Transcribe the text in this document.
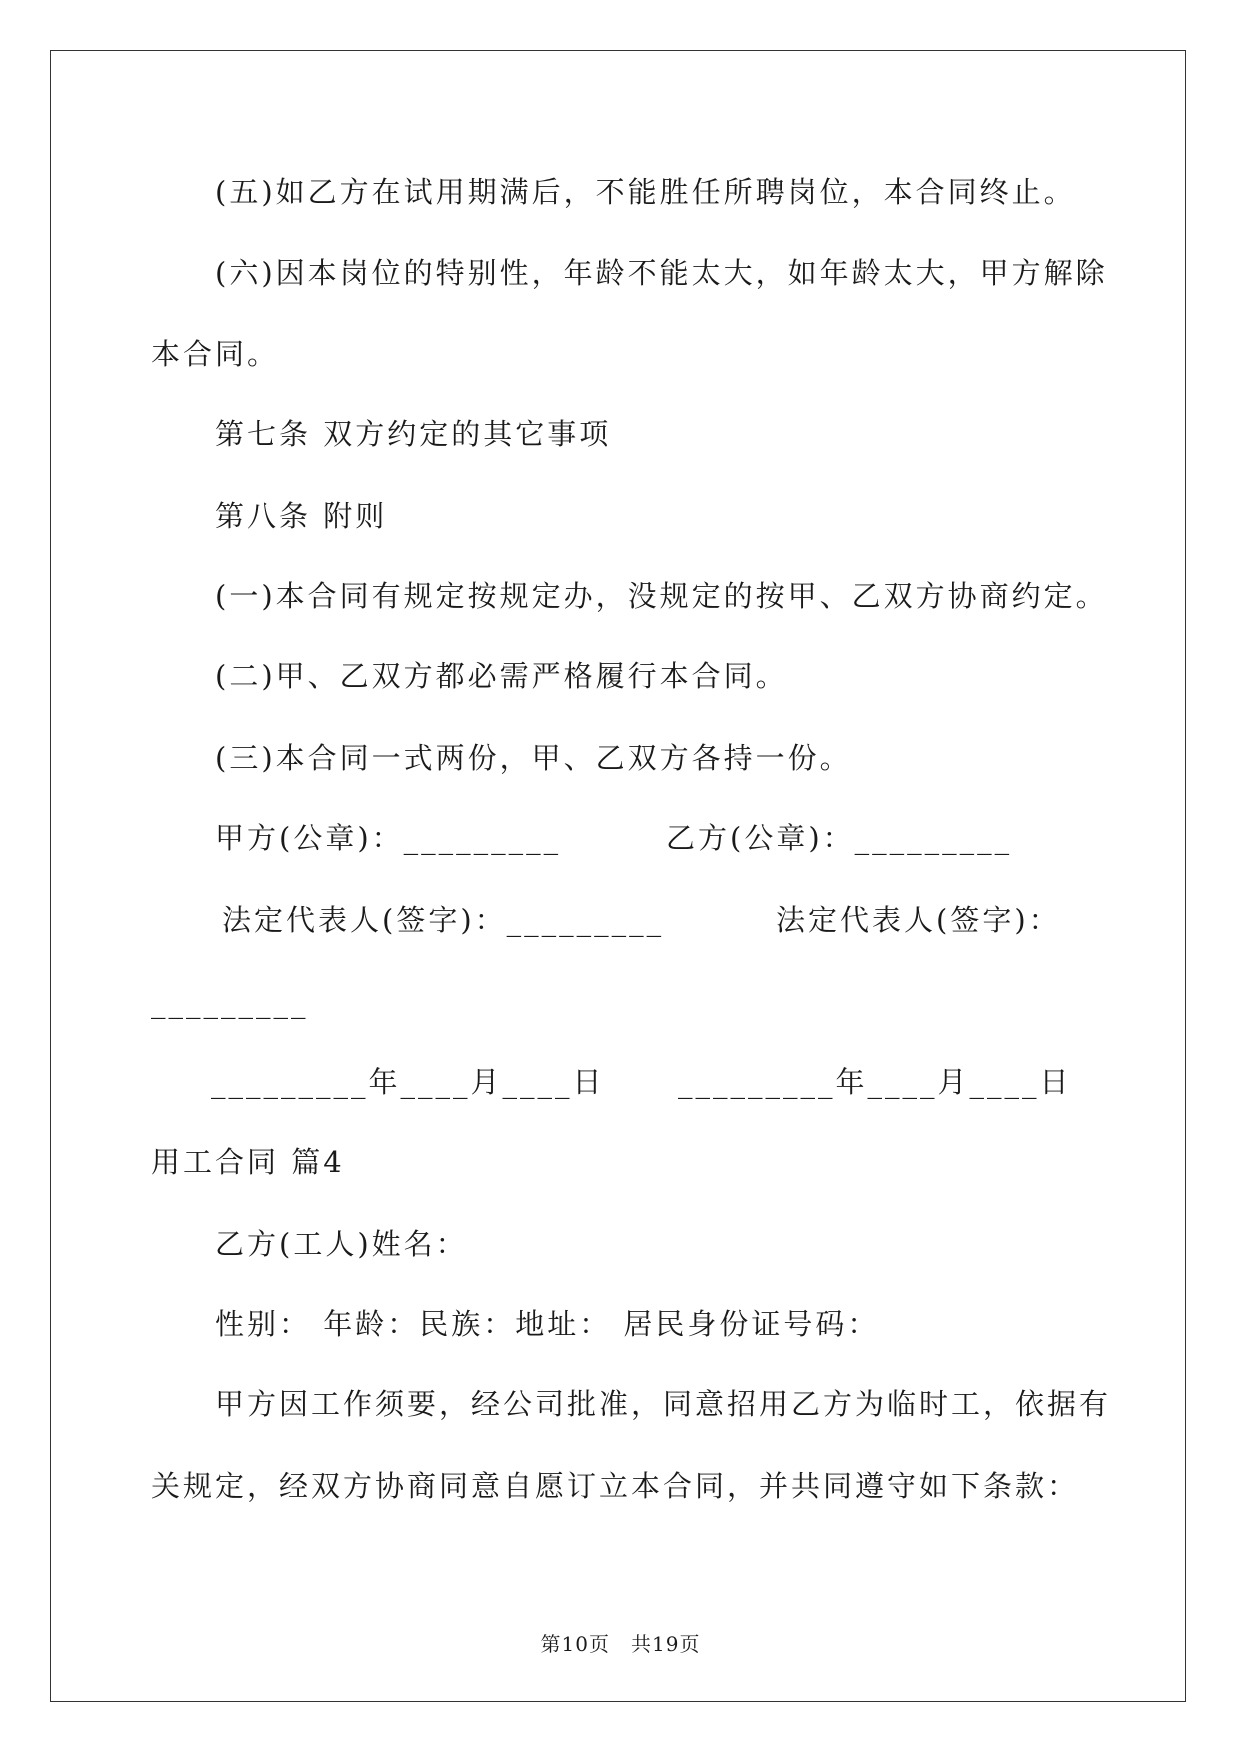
(五)如乙方在试用期满后，不能胜任所聘岗位，本合同终止。
(六)因本岗位的特别性，年龄不能太大，如年龄太大，甲方解除
本合同。
第七条 双方约定的其它事项
第八条 附则
(一)本合同有规定按规定办，没规定的按甲、乙双方协商约定。
(二)甲、乙双方都必需严格履行本合同。
(三)本合同一式两份，甲、乙双方各持一份。
甲方(公章)：_________	乙方(公章)：_________
法定代表人(签字)：_________	法定代表人(签字)：
_________
_________年____月____日	_________年____月____日
用工合同 篇4
乙方(工人)姓名：
性别： 年龄：民族：地址： 居民身份证号码：
甲方因工作须要，经公司批准，同意招用乙方为临时工，依据有
关规定，经双方协商同意自愿订立本合同，并共同遵守如下条款：
第10页　共19页
